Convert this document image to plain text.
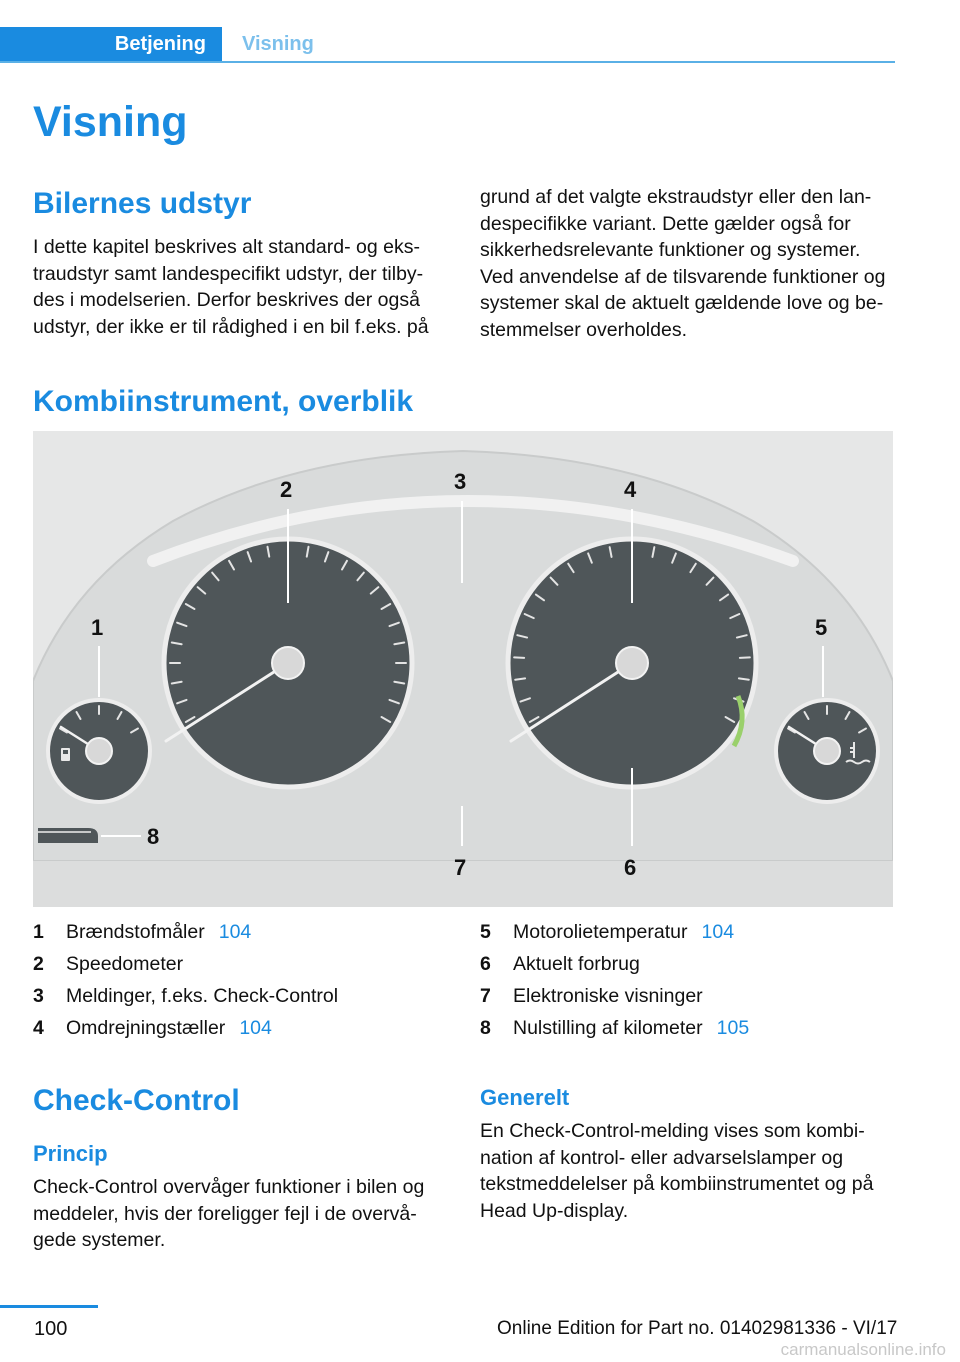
Betjening	Visning
Visning
Bilernes udstyr
I dette kapitel beskrives alt standard- og eks-
traudstyr samt landespecifikt udstyr, der tilby-
des i modelserien. Derfor beskrives der også
udstyr, der ikke er til rådighed i en bil f.eks. på
grund af det valgte ekstraudstyr eller den lan-
despecifikke variant. Dette gælder også for
sikkerhedsrelevante funktioner og systemer.
Ved anvendelse af de tilsvarende funktioner og
systemer skal de aktuelt gældende love og be-
stemmelser overholdes.
Kombiinstrument, overblik
1
2	3	4
5
6
7
8
1 Brændstofmåler 104
2 Speedometer
3 Meldinger, f.eks. Check-Control
4 Omdrejningstæller 104
5 Motorolietemperatur 104
6 Aktuelt forbrug
7 Elektroniske visninger
8 Nulstilling af kilometer 105
Check-Control
Princip
Check-Control overvåger funktioner i bilen og
meddeler, hvis der foreligger fejl i de overvå-
gede systemer.
Generelt
En Check-Control-melding vises som kombi-
nation af kontrol- eller advarselslamper og
tekstmeddelelser på kombiinstrumentet og på
Head Up-display.
100	Online Edition for Part no. 01402981336 - VI/17
carmanualsonline.info
